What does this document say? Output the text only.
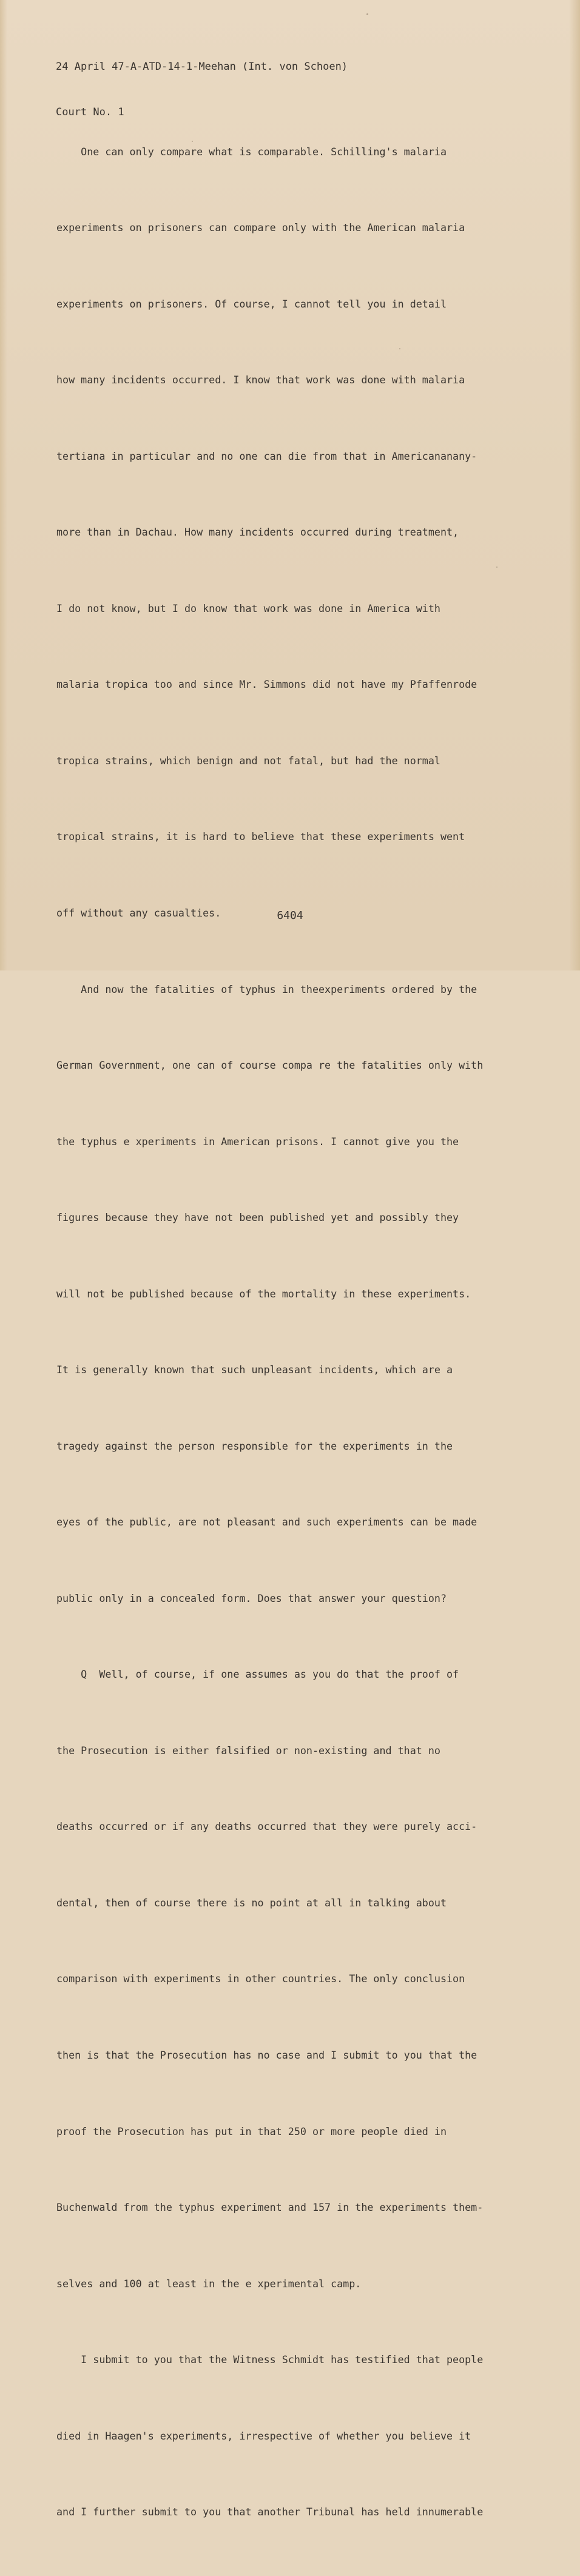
24 April 47-A-ATD-14-1-Meehan (Int. von Schoen)

Court No. 1

One can only compare what is comparable. Schilling's malaria

experiments on prisoners can compare only with the American malaria

experiments on prisoners. Of course, I cannot tell you in detail

how many incidents occurred. I know that work was done with malaria

tertiana in particular and no one can die from that in Americananany-

more than in Dachau. How many incidents occurred during treatment,

I do not know, but I do know that work was done in America with

malaria tropica too and since Mr. Simmons did not have my Pfaffenrode

tropica strains, which benign and not fatal, but had the normal

tropical strains, it is hard to believe that these experiments went

off without any casualties.

And now the fatalities of typhus in theexperiments ordered by the

German Government, one can of course compa re the fatalities only with

the typhus e xperiments in American prisons. I cannot give you the

figures because they have not been published yet and possibly they

will not be published because of the mortality in these experiments.

It is generally known that such unpleasant incidents, which are a

tragedy against the person responsible for the experiments in the

eyes of the public, are not pleasant and such experiments can be made

public only in a concealed form. Does that answer your question?

Q  Well, of course, if one assumes as you do that the proof of

the Prosecution is either falsified or non-existing and that no

deaths occurred or if any deaths occurred that they were purely acci-

dental, then of course there is no point at all in talking about

comparison with experiments in other countries. The only conclusion

then is that the Prosecution has no case and I submit to you that the

proof the Prosecution has put in that 250 or more people died in

Buchenwald from the typhus experiment and 157 in the experiments them-

selves and 100 at least in the e xperimental camp.

I submit to you that the Witness Schmidt has testified that people

died in Haagen's experiments, irrespective of whether you believe it

and I further submit to you that another Tribunal has held innumerable

6404
